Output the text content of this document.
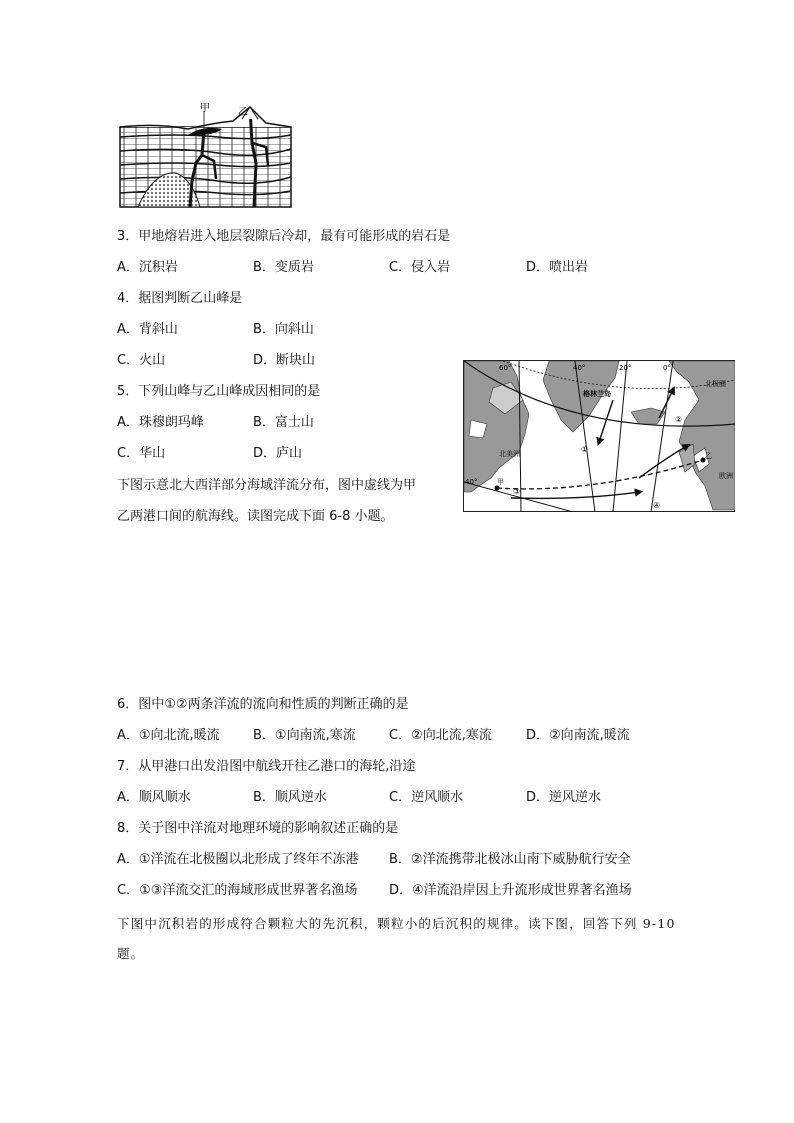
甲	乙
3．甲地熔岩进入地层裂隙后冷却，最有可能形成的岩石是
A．沉积岩	B．变质岩	C．侵入岩	D．喷出岩
4．据图判断乙山峰是
A．背斜山	B．向斜山
C．火山	D．断块山
5．下列山峰与乙山峰成因相同的是
A．珠穆朗玛峰	B．富士山
C．华山	D．庐山
下图示意北大西洋部分海域洋流分布，图中虚线为甲
乙两港口间的航海线。读图完成下面 6-8 小题。
60°	40°	0°
20°
40°
北极圈
格林兰岛
北美洲
欧洲
甲
乙
①
②
③
④
6．图中①②两条洋流的流向和性质的判断正确的是
A．①向北流,暖流	B．①向南流,寒流	C．②向北流,寒流	D．②向南流,暖流
7．从甲港口出发沿图中航线开往乙港口的海轮,沿途
A．顺风顺水	B．顺风逆水	C．逆风顺水	D．逆风逆水
8．关于图中洋流对地理环境的影响叙述正确的是
A．①洋流在北极圈以北形成了终年不冻港 B．②洋流携带北极冰山南下威胁航行安全
C．①③洋流交汇的海域形成世界著名渔场 D．④洋流沿岸因上升流形成世界著名渔场
下图中沉积岩的形成符合颗粒大的先沉积，颗粒小的后沉积的规律。读下图，回答下列 9-10
题。
